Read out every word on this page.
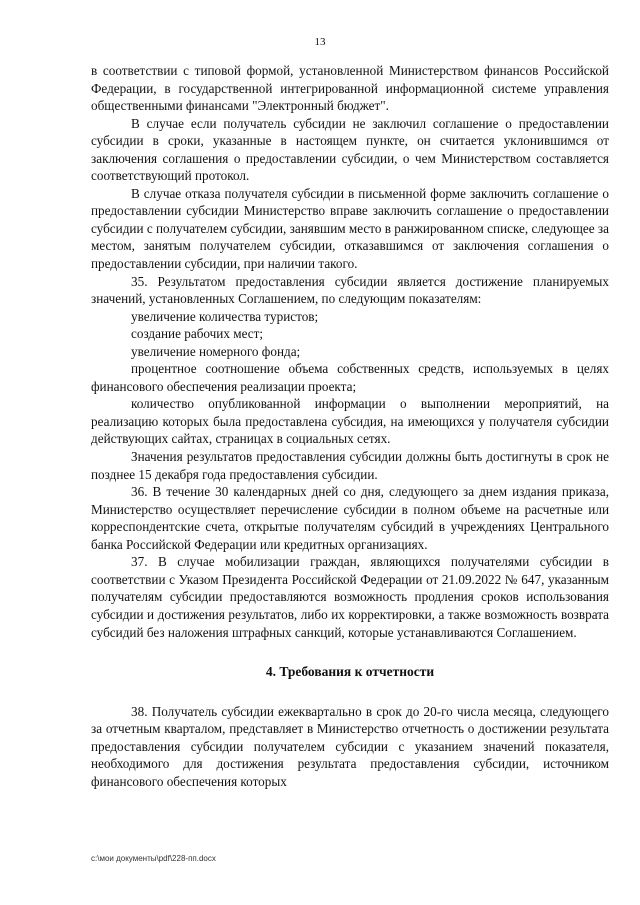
13

в соответствии с типовой формой, установленной Министерством финансов Российской Федерации, в государственной интегрированной информационной системе управления общественными финансами "Электронный бюджет".

В случае если получатель субсидии не заключил соглашение о предоставлении субсидии в сроки, указанные в настоящем пункте, он считается уклонившимся от заключения соглашения о предоставлении субсидии, о чем Министерством составляется соответствующий протокол.

В случае отказа получателя субсидии в письменной форме заключить соглашение о предоставлении субсидии Министерство вправе заключить соглашение о предоставлении субсидии с получателем субсидии, занявшим место в ранжированном списке, следующее за местом, занятым получателем субсидии, отказавшимся от заключения соглашения о предоставлении субсидии, при наличии такого.

35. Результатом предоставления субсидии является достижение планируемых значений, установленных Соглашением, по следующим показателям:

увеличение количества туристов;

создание рабочих мест;

увеличение номерного фонда;

процентное соотношение объема собственных средств, используемых в целях финансового обеспечения реализации проекта;

количество опубликованной информации о выполнении мероприятий, на реализацию которых была предоставлена субсидия, на имеющихся у получателя субсидии действующих сайтах, страницах в социальных сетях.

Значения результатов предоставления субсидии должны быть достигнуты в срок не позднее 15 декабря года предоставления субсидии.

36. В течение 30 календарных дней со дня, следующего за днем издания приказа, Министерство осуществляет перечисление субсидии в полном объеме на расчетные или корреспондентские счета, открытые получателям субсидий в учреждениях Центрального банка Российской Федерации или кредитных организациях.

37. В случае мобилизации граждан, являющихся получателями субсидии в соответствии с Указом Президента Российской Федерации от 21.09.2022 № 647, указанным получателям субсидии предоставляются возможность продления сроков использования субсидии и достижения результатов, либо их корректировки, а также возможность возврата субсидий без наложения штрафных санкций, которые устанавливаются Соглашением.

4. Требования к отчетности

38. Получатель субсидии ежеквартально в срок до 20-го числа месяца, следующего за отчетным кварталом, представляет в Министерство отчетность о достижении результата предоставления субсидии получателем субсидии с указанием значений показателя, необходимого для достижения результата предоставления субсидии, источником финансового обеспечения которых

c:\мои документы\pdf\228-пп.docx
